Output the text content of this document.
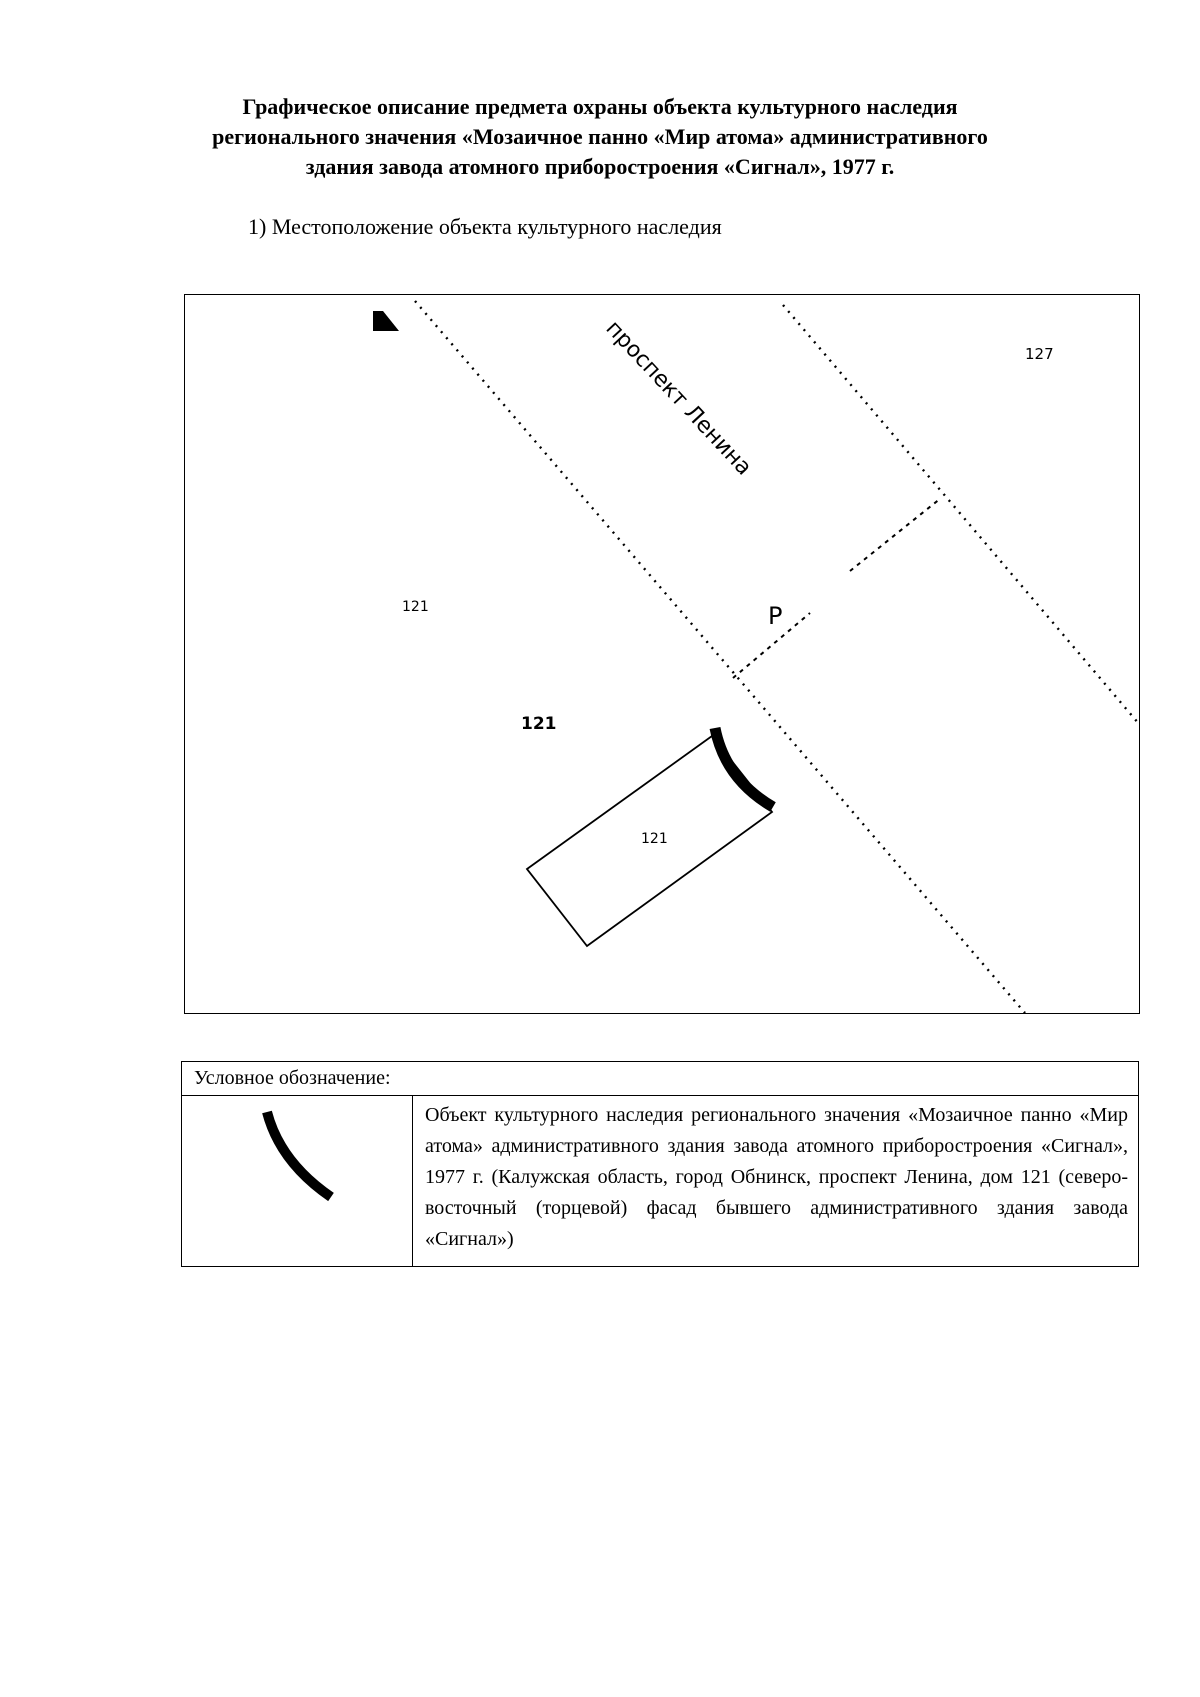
Графическое описание предмета охраны объекта культурного наследия
регионального значения «Мозаичное панно «Мир атома» административного
здания завода атомного приборостроения «Сигнал», 1977 г.
1) Местоположение объекта культурного наследия
проспект Ленина	127
121
121
121
P
Условное обозначение:
	Объект культурного наследия регионального значения «Мозаичное панно «Мир атома» административного здания завода атомного приборостроения «Сигнал», 1977 г. (Калужская область, город Обнинск, проспект Ленина, дом 121 (северо-восточный (торцевой) фасад бывшего административного здания завода «Сигнал»)
